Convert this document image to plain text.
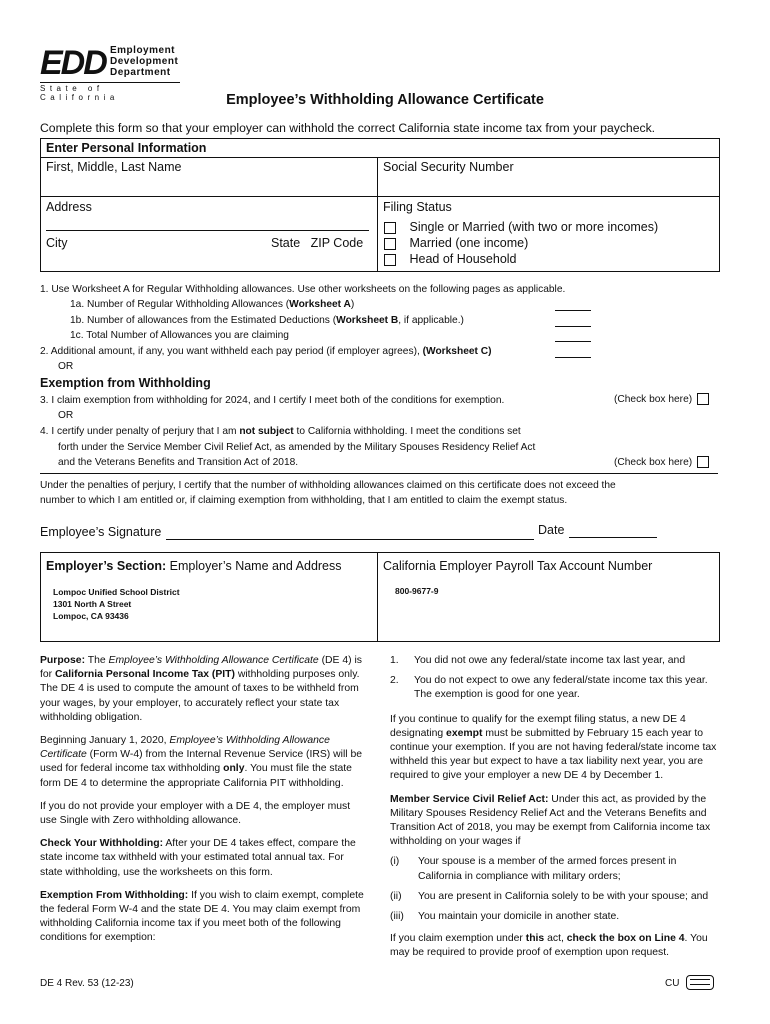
EDD Employment
Development
Department
State of California	Employee’s Withholding Allowance Certificate
Complete this form so that your employer can withhold the correct California state income tax from your paycheck.
Enter Personal Information
First, Middle, Last Name	Social Security Number
Address
City	State   ZIP Code
Filing Status
Single or Married (with two or more incomes)
Married (one income)
Head of Household
1. Use Worksheet A for Regular Withholding allowances. Use other worksheets on the following pages as applicable.
1a. Number of Regular Withholding Allowances (Worksheet A)
1b. Number of allowances from the Estimated Deductions (Worksheet B, if applicable.)
1c. Total Number of Allowances you are claiming
2. Additional amount, if any, you want withheld each pay period (if employer agrees), (Worksheet C)
OR
Exemption from Withholding
3. I claim exemption from withholding for 2024, and I certify I meet both of the conditions for exemption.	(Check box here)
OR
4. I certify under penalty of perjury that I am not subject to California withholding. I meet the conditions set
forth under the Service Member Civil Relief Act, as amended by the Military Spouses Residency Relief Act
and the Veterans Benefits and Transition Act of 2018.	(Check box here)
Under the penalties of perjury, I certify that the number of withholding allowances claimed on this certificate does not exceed the
number to which I am entitled or, if claiming exemption from withholding, that I am entitled to claim the exempt status.
Employee’s Signature	Date
Employer’s Section: Employer’s Name and Address	California Employer Payroll Tax Account Number
Lompoc Unified School District
1301 North A Street
Lompoc, CA 93436
800-9677-9

Purpose: The Employee’s Withholding Allowance Certificate (DE 4) is for California Personal Income Tax (PIT) withholding purposes only. The DE 4 is used to compute the amount of taxes to be withheld from your wages, by your employer, to accurately reflect your state tax withholding obligation.

Beginning January 1, 2020, Employee’s Withholding Allowance Certificate (Form W-4) from the Internal Revenue Service (IRS) will be used for federal income tax withholding only. You must file the state form DE 4 to determine the appropriate California PIT withholding.

If you do not provide your employer with a DE 4, the employer must use Single with Zero withholding allowance.

Check Your Withholding: After your DE 4 takes effect, compare the state income tax withheld with your estimated total annual tax. For state withholding, use the worksheets on this form.

Exemption From Withholding: If you wish to claim exempt, complete the federal Form W-4 and the state DE 4. You may claim exempt from withholding California income tax if you meet both of the following conditions for exemption:

1.	You did not owe any federal/state income tax last year, and
2.	You do not expect to owe any federal/state income tax this year. The exemption is good for one year.

If you continue to qualify for the exempt filing status, a new DE 4 designating exempt must be submitted by February 15 each year to continue your exemption. If you are not having federal/state income tax withheld this year but expect to have a tax liability next year, you are required to give your employer a new DE 4 by December 1.

Member Service Civil Relief Act: Under this act, as provided by the Military Spouses Residency Relief Act and the Veterans Benefits and Transition Act of 2018, you may be exempt from California income tax withholding on your wages if

(i)	Your spouse is a member of the armed forces present in California in compliance with military orders;
(ii)	You are present in California solely to be with your spouse; and
(iii)	You maintain your domicile in another state.

If you claim exemption under this act, check the box on Line 4. You may be required to provide proof of exemption upon request.

DE 4 Rev. 53 (12-23)	CU
